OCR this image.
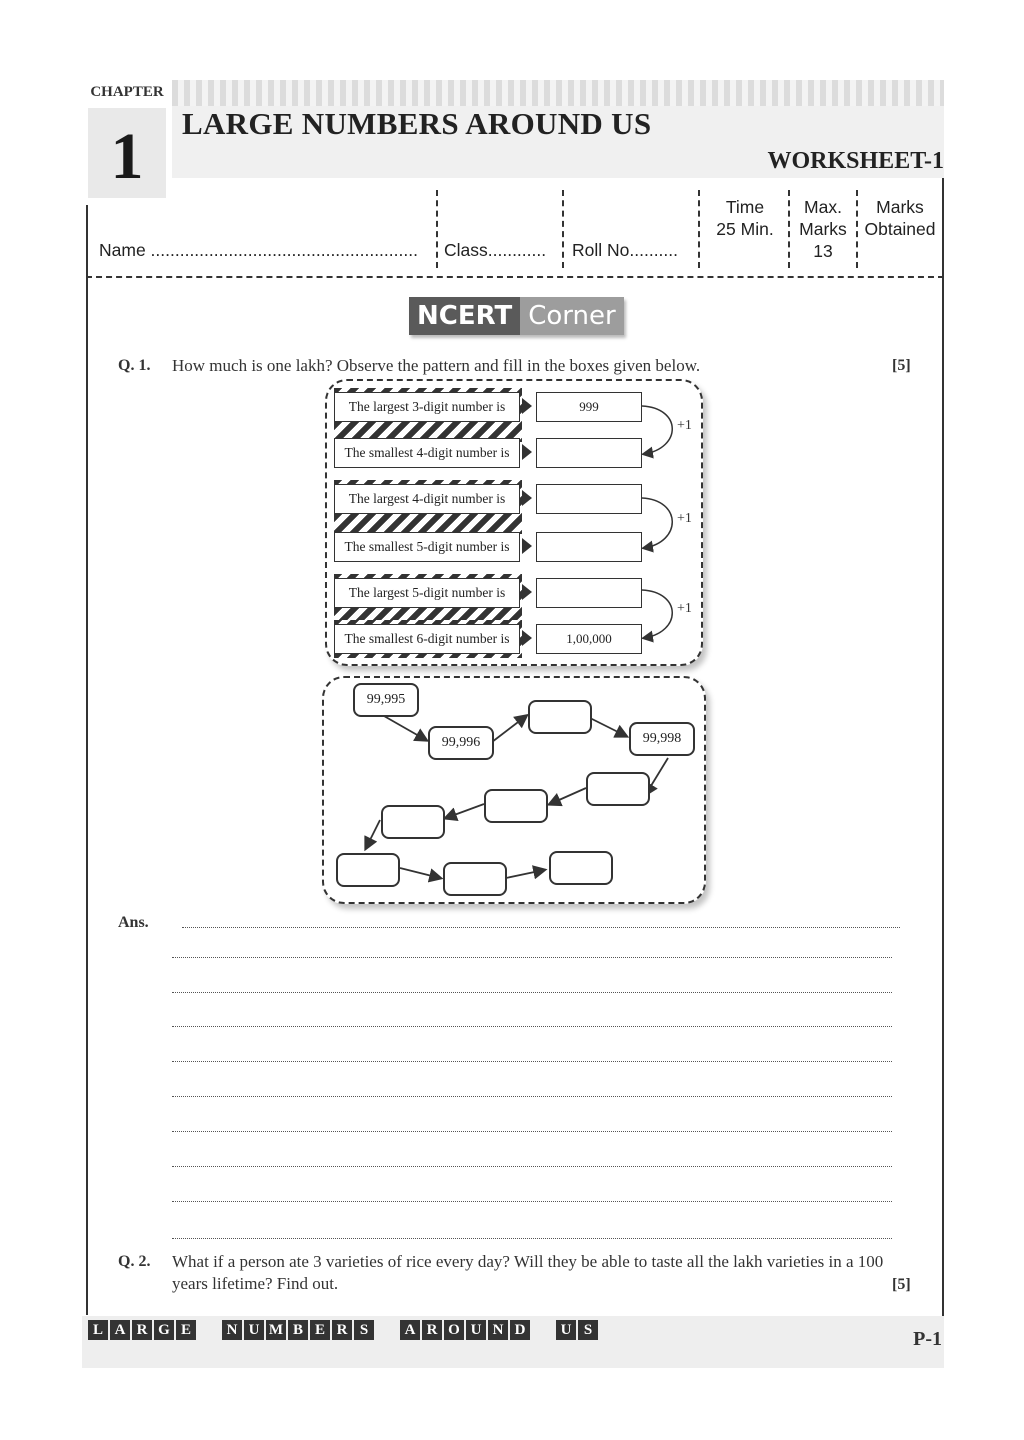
CHAPTER
1	LARGE NUMBERS AROUND US
WORKSHEET-1
Name ....................................................... Class............ Roll No..........
Time
25 Min.
Max.
Marks
13
Marks
Obtained
NCERT Corner
Q. 1. How much is one lakh? Observe the pattern and fill in the boxes given below.	[5]
The largest 3-digit number is
The smallest 4-digit number is
The largest 4-digit number is
The smallest 5-digit number is
The largest 5-digit number is
The smallest 6-digit number is
999
1,00,000
+1
+1
+1
99,995
99,996	99,998
Ans.
Q. 2. What if a person ate 3 varieties of rice every day? Will they be able to taste all the lakh varieties in a 100
years lifetime? Find out.	[5]
L A R G E	N U M B E R S	A R O U N D	U S	P-1
